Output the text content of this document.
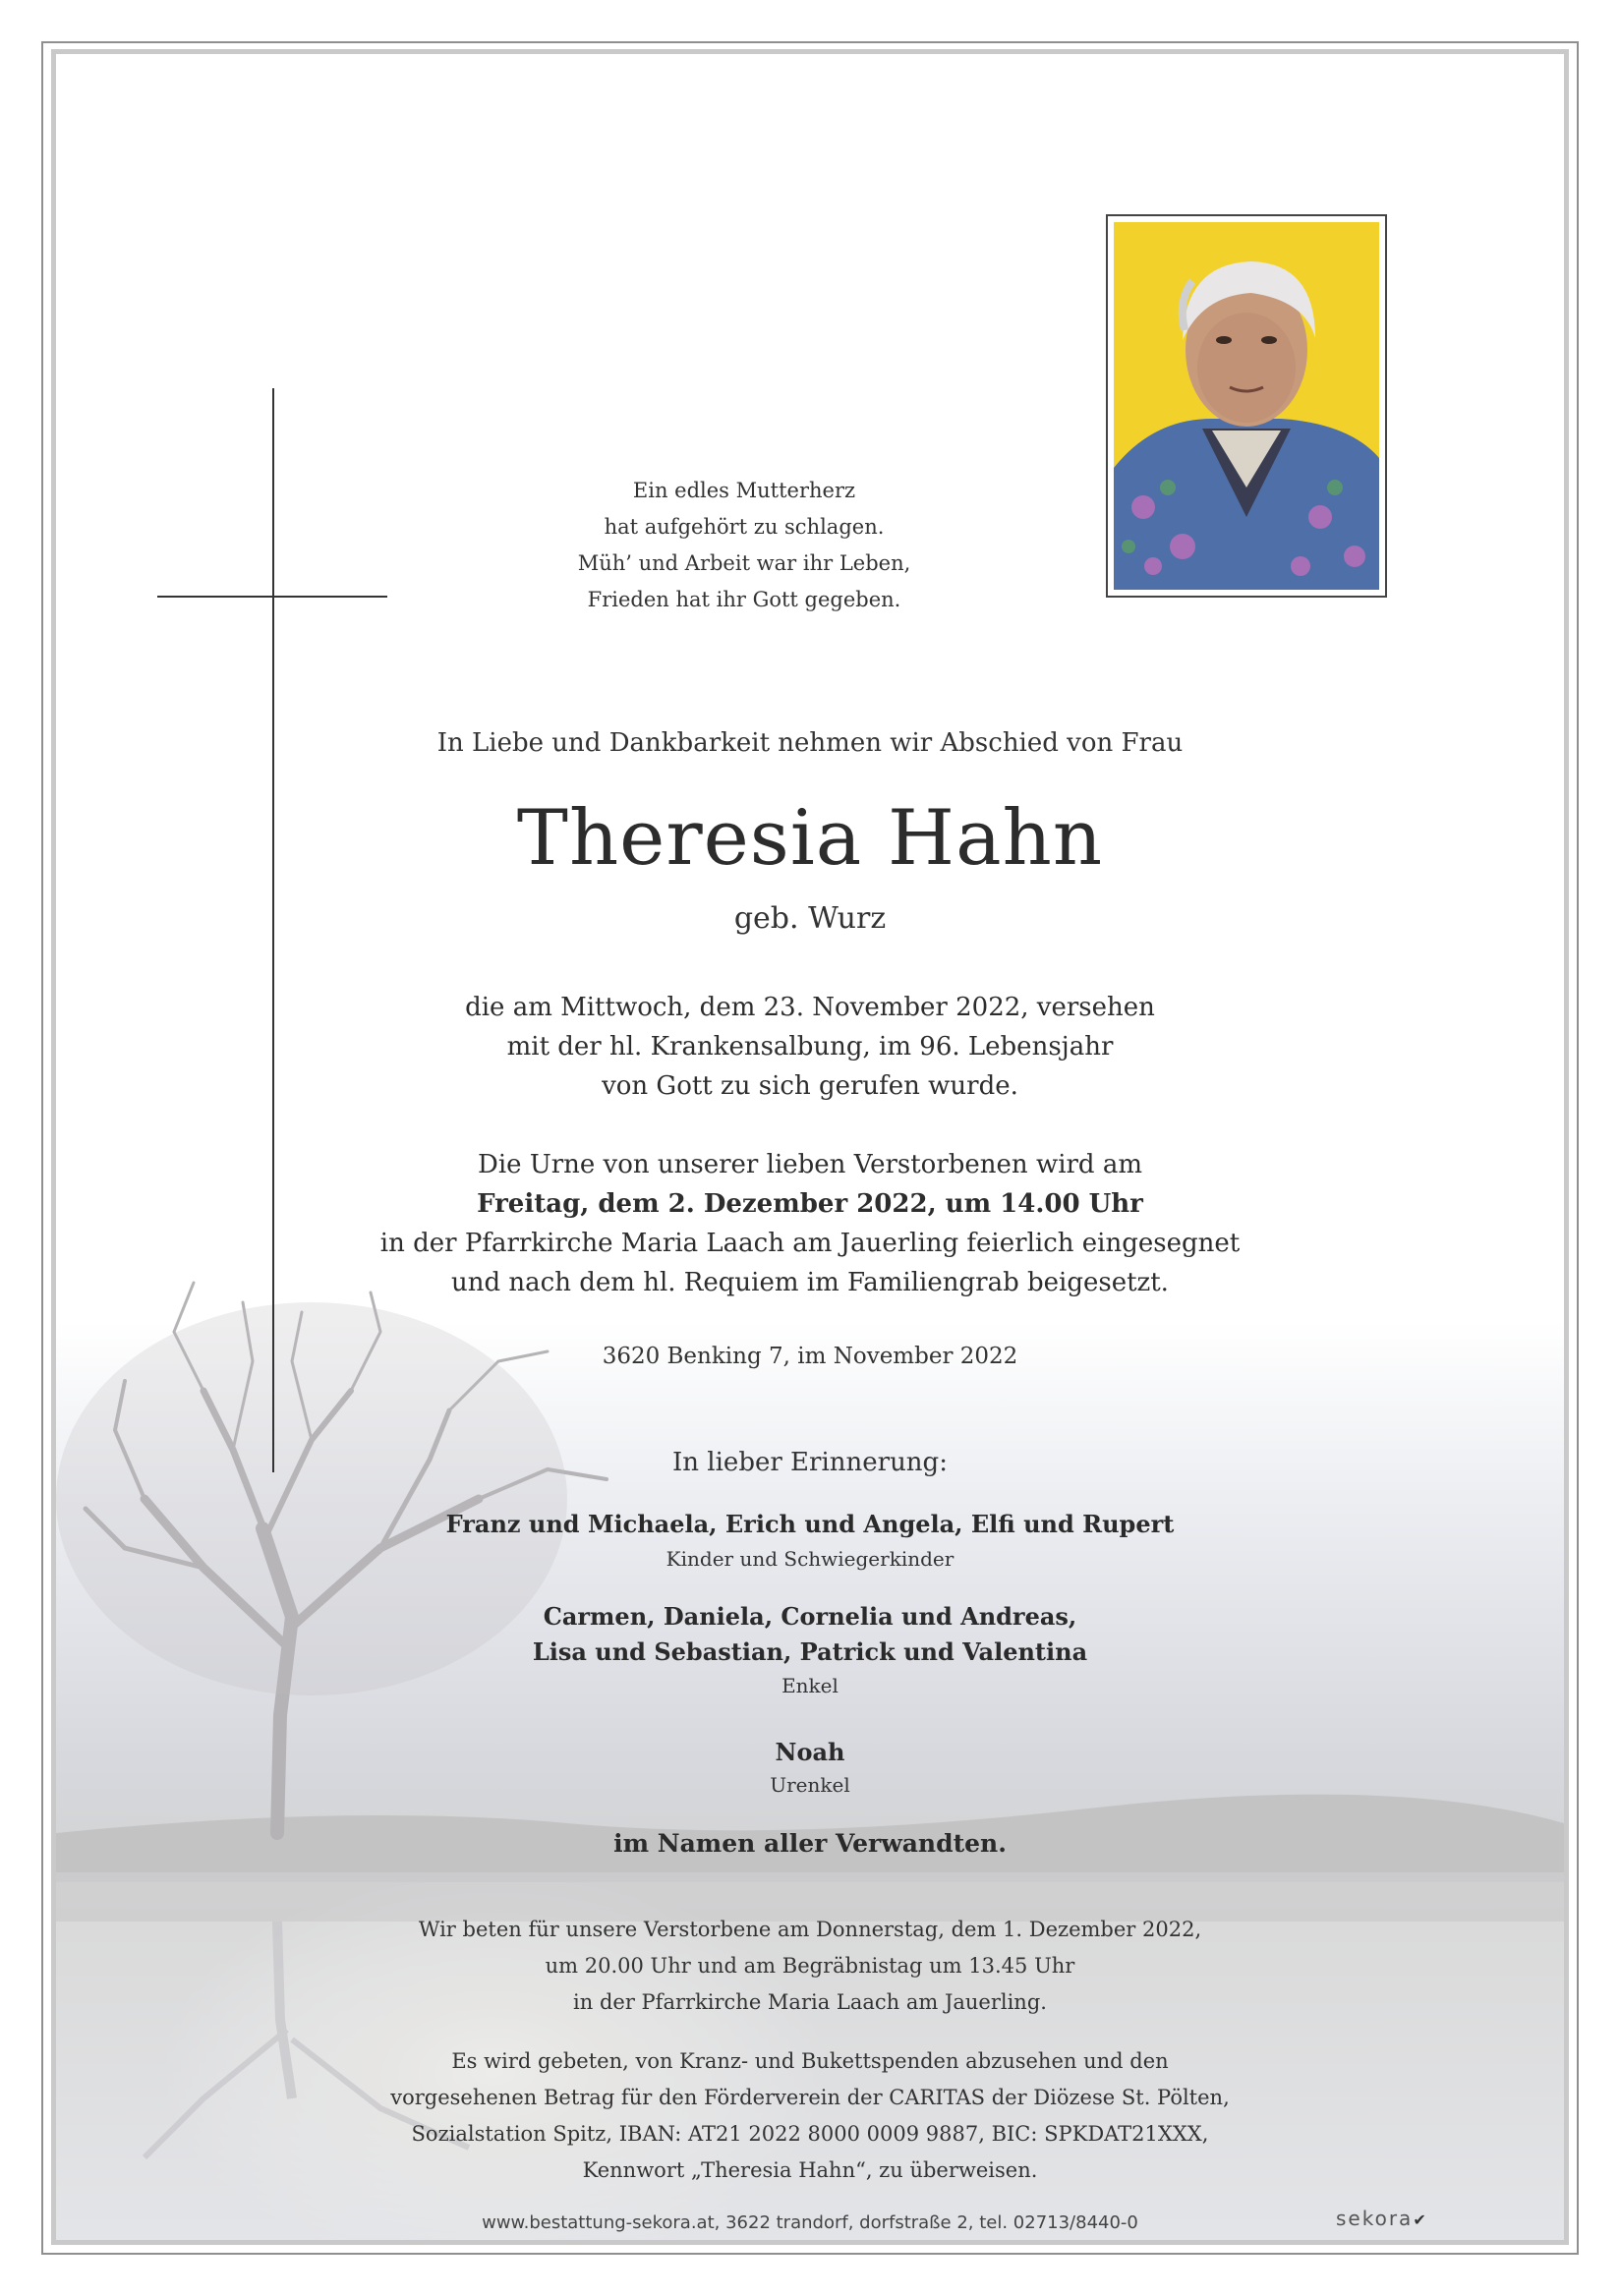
Ein edles Mutterherz
hat aufgehört zu schlagen.
Müh’ und Arbeit war ihr Leben,
Frieden hat ihr Gott gegeben.
In Liebe und Dankbarkeit nehmen wir Abschied von Frau
Theresia Hahn
geb. Wurz
die am Mittwoch, dem 23. November 2022, versehen
mit der hl. Krankensalbung, im 96. Lebensjahr
von Gott zu sich gerufen wurde.
Die Urne von unserer lieben Verstorbenen wird am
Freitag, dem 2. Dezember 2022, um 14.00 Uhr
in der Pfarrkirche Maria Laach am Jauerling feierlich eingesegnet
und nach dem hl. Requiem im Familiengrab beigesetzt.
3620 Benking 7, im November 2022
In lieber Erinnerung:
Franz und Michaela, Erich und Angela, Elfi und Rupert
Kinder und Schwiegerkinder
Carmen, Daniela, Cornelia und Andreas,
Lisa und Sebastian, Patrick und Valentina
Enkel
Noah
Urenkel
im Namen aller Verwandten.
Wir beten für unsere Verstorbene am Donnerstag, dem 1. Dezember 2022,
um 20.00 Uhr und am Begräbnistag um 13.45 Uhr
in der Pfarrkirche Maria Laach am Jauerling.
Es wird gebeten, von Kranz- und Bukettspenden abzusehen und den
vorgesehenen Betrag für den Förderverein der CARITAS der Diözese St. Pölten,
Sozialstation Spitz, IBAN: AT21 2022 8000 0009 9887, BIC: SPKDAT21XXX,
Kennwort „Theresia Hahn“, zu überweisen.
www.bestattung-sekora.at, 3622 trandorf, dorfstraße 2, tel. 02713/8440-0	sekora✔
